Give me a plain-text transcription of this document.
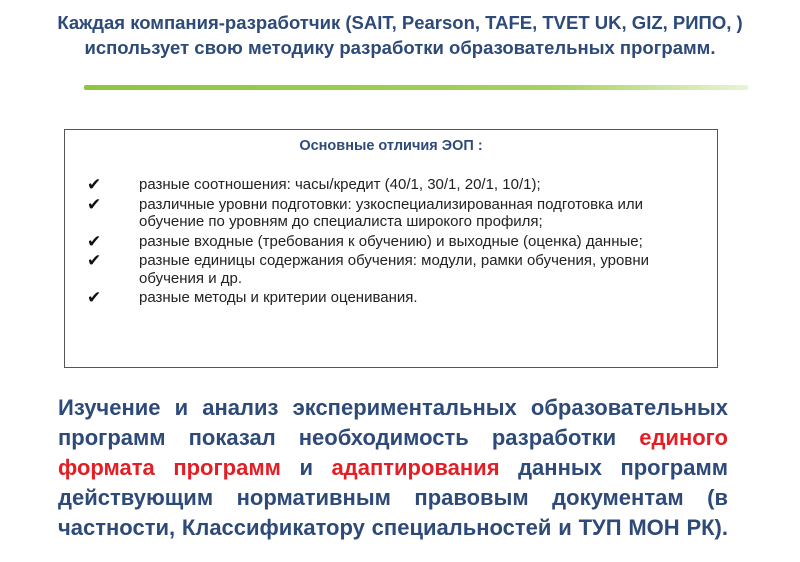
Каждая компания-разработчик (SAIT, Pearson, TAFE, TVET UK, GIZ, РИПО, ) использует свою методику разработки образовательных программ.
Основные отличия ЭОП :
✔	разные соотношения: часы/кредит (40/1, 30/1, 20/1, 10/1);
✔	различные уровни подготовки: узкоспециализированная подготовка или обучение по уровням до специалиста широкого профиля;
✔	разные входные (требования к обучению) и выходные (оценка) данные;
✔	разные единицы содержания обучения: модули, рамки обучения, уровни обучения и др.
✔	разные методы и критерии оценивания.
Изучение и анализ экспериментальных образовательных программ показал необходимость разработки единого формата программ и адаптирования данных программ действующим нормативным правовым документам (в частности, Классификатору специальностей и ТУП МОН РК).
